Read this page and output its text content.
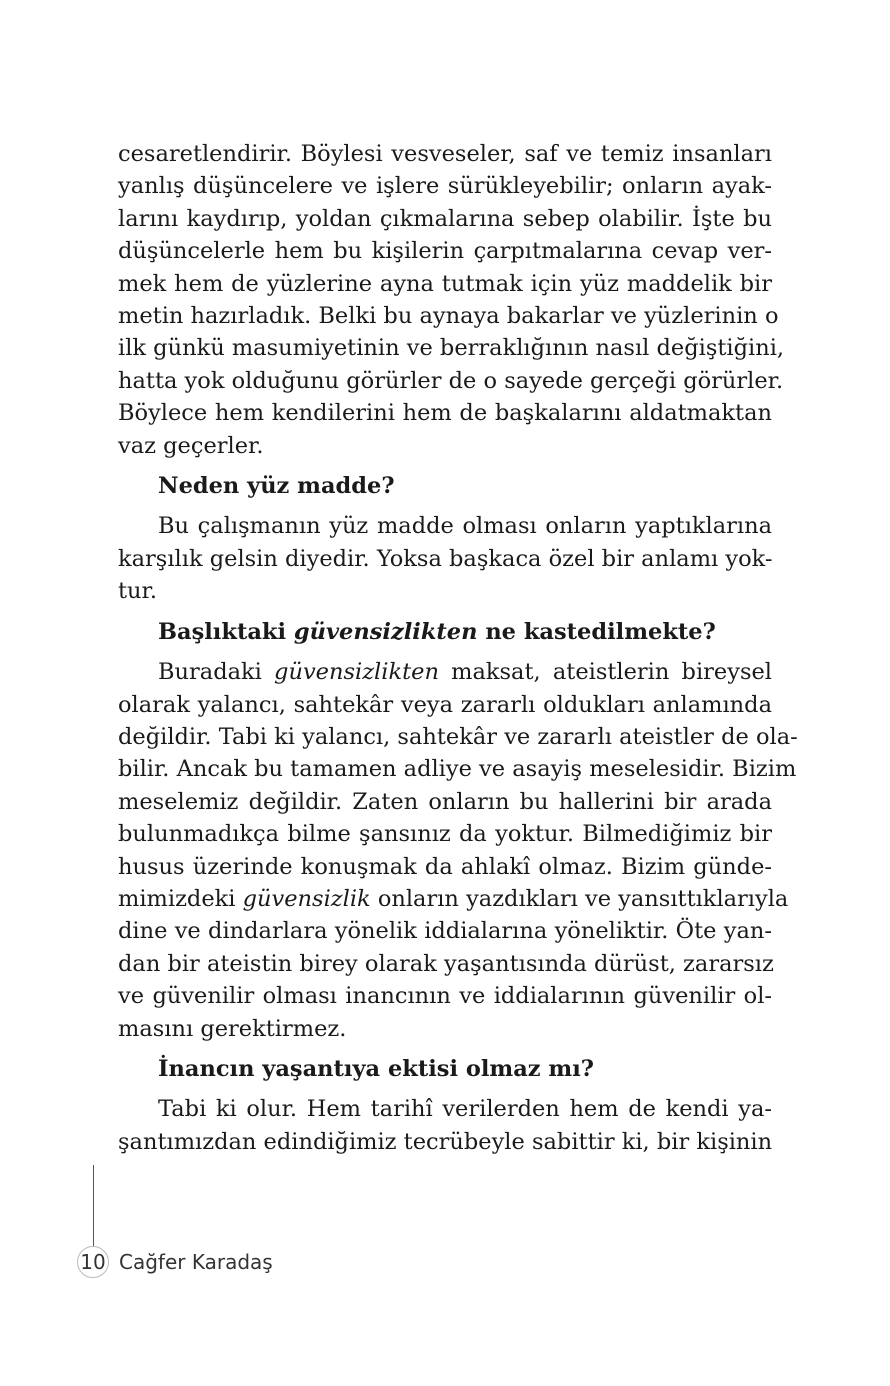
cesaretlendirir. Böylesi vesveseler, saf ve temiz insanları
yanlış düşüncelere ve işlere sürükleyebilir; onların ayak-
larını kaydırıp, yoldan çıkmalarına sebep olabilir. İşte bu
düşüncelerle hem bu kişilerin çarpıtmalarına cevap ver-
mek hem de yüzlerine ayna tutmak için yüz maddelik bir
metin hazırladık. Belki bu aynaya bakarlar ve yüzlerinin o
ilk günkü masumiyetinin ve berraklığının nasıl değiştiğini,
hatta yok olduğunu görürler de o sayede gerçeği görürler.
Böylece hem kendilerini hem de başkalarını aldatmaktan
vaz geçerler.
Neden yüz madde?
Bu çalışmanın yüz madde olması onların yaptıklarına
karşılık gelsin diyedir. Yoksa başkaca özel bir anlamı yok-
tur.
Başlıktaki güvensizlikten ne kastedilmekte?
Buradaki güvensizlikten maksat, ateistlerin bireysel
olarak yalancı, sahtekâr veya zararlı oldukları anlamında
değildir. Tabi ki yalancı, sahtekâr ve zararlı ateistler de ola-
bilir. Ancak bu tamamen adliye ve asayiş meselesidir. Bizim
meselemiz değildir. Zaten onların bu hallerini bir arada
bulunmadıkça bilme şansınız da yoktur. Bilmediğimiz bir
husus üzerinde konuşmak da ahlakî olmaz. Bizim günde-
mimizdeki güvensizlik onların yazdıkları ve yansıttıklarıyla
dine ve dindarlara yönelik iddialarına yöneliktir. Öte yan-
dan bir ateistin birey olarak yaşantısında dürüst, zararsız
ve güvenilir olması inancının ve iddialarının güvenilir ol-
masını gerektirmez.
İnancın yaşantıya ektisi olmaz mı?
Tabi ki olur. Hem tarihî verilerden hem de kendi ya-
şantımızdan edindiğimiz tecrübeyle sabittir ki, bir kişinin
10 Cağfer Karadaş
